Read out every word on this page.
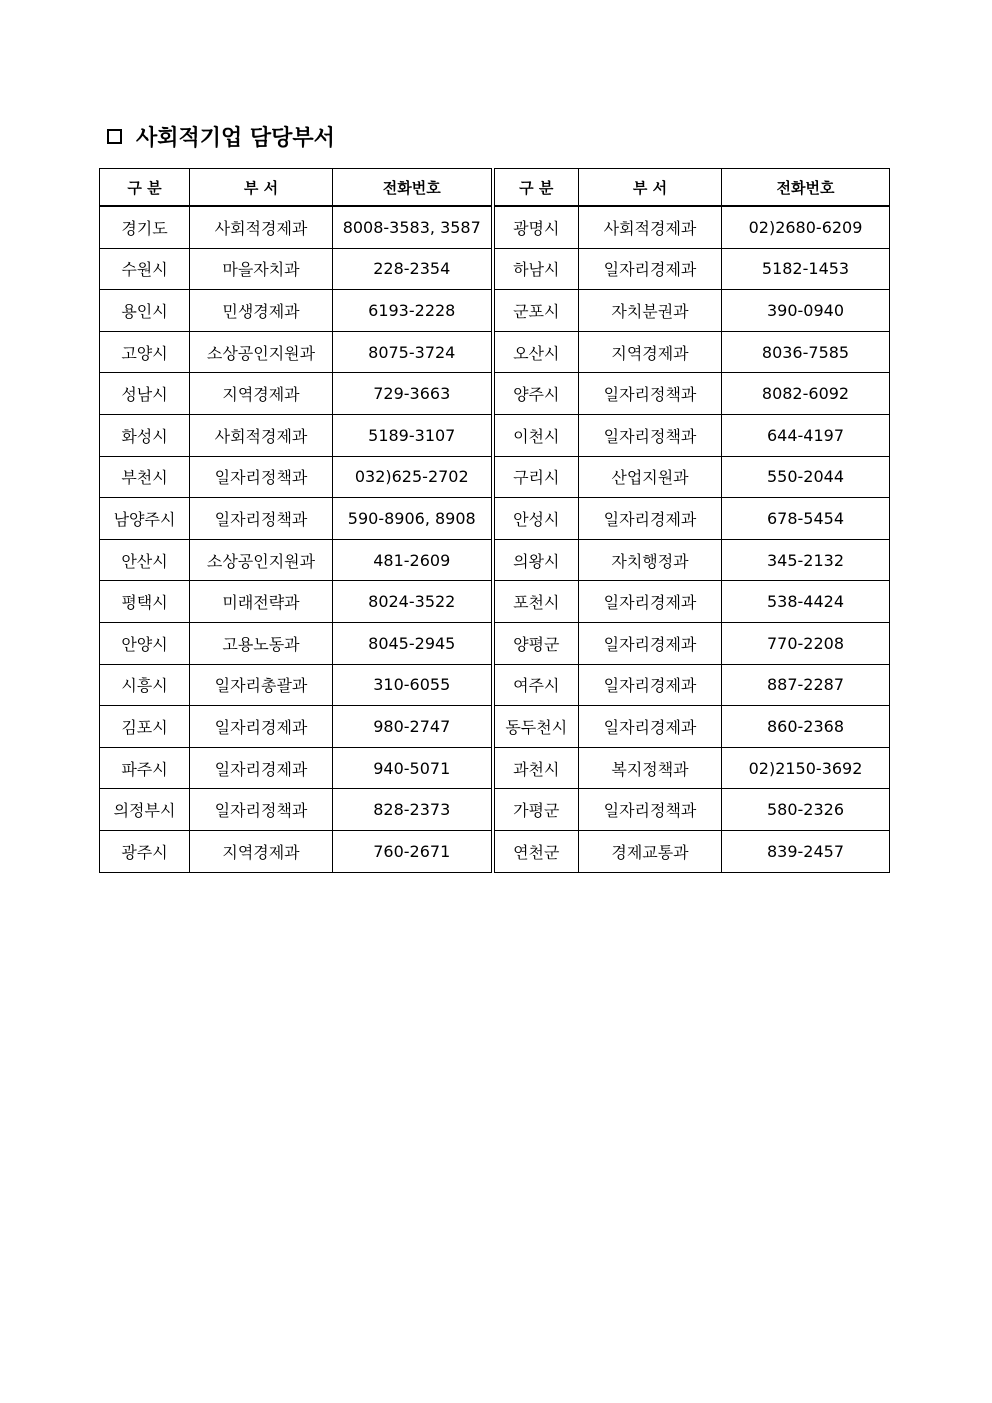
사회적기업 담당부서
구 분	부 서	전화번호	구 분	부 서	전화번호
경기도	사회적경제과	8008-3583, 3587	광명시	사회적경제과	02)2680-6209
수원시	마을자치과	228-2354	하남시	일자리경제과	5182-1453
용인시	민생경제과	6193-2228	군포시	자치분권과	390-0940
고양시	소상공인지원과	8075-3724	오산시	지역경제과	8036-7585
성남시	지역경제과	729-3663	양주시	일자리정책과	8082-6092
화성시	사회적경제과	5189-3107	이천시	일자리정책과	644-4197
부천시	일자리정책과	032)625-2702	구리시	산업지원과	550-2044
남양주시	일자리정책과	590-8906, 8908	안성시	일자리경제과	678-5454
안산시	소상공인지원과	481-2609	의왕시	자치행정과	345-2132
평택시	미래전략과	8024-3522	포천시	일자리경제과	538-4424
안양시	고용노동과	8045-2945	양평군	일자리경제과	770-2208
시흥시	일자리총괄과	310-6055	여주시	일자리경제과	887-2287
김포시	일자리경제과	980-2747	동두천시	일자리경제과	860-2368
파주시	일자리경제과	940-5071	과천시	복지정책과	02)2150-3692
의정부시	일자리정책과	828-2373	가평군	일자리정책과	580-2326
광주시	지역경제과	760-2671	연천군	경제교통과	839-2457
